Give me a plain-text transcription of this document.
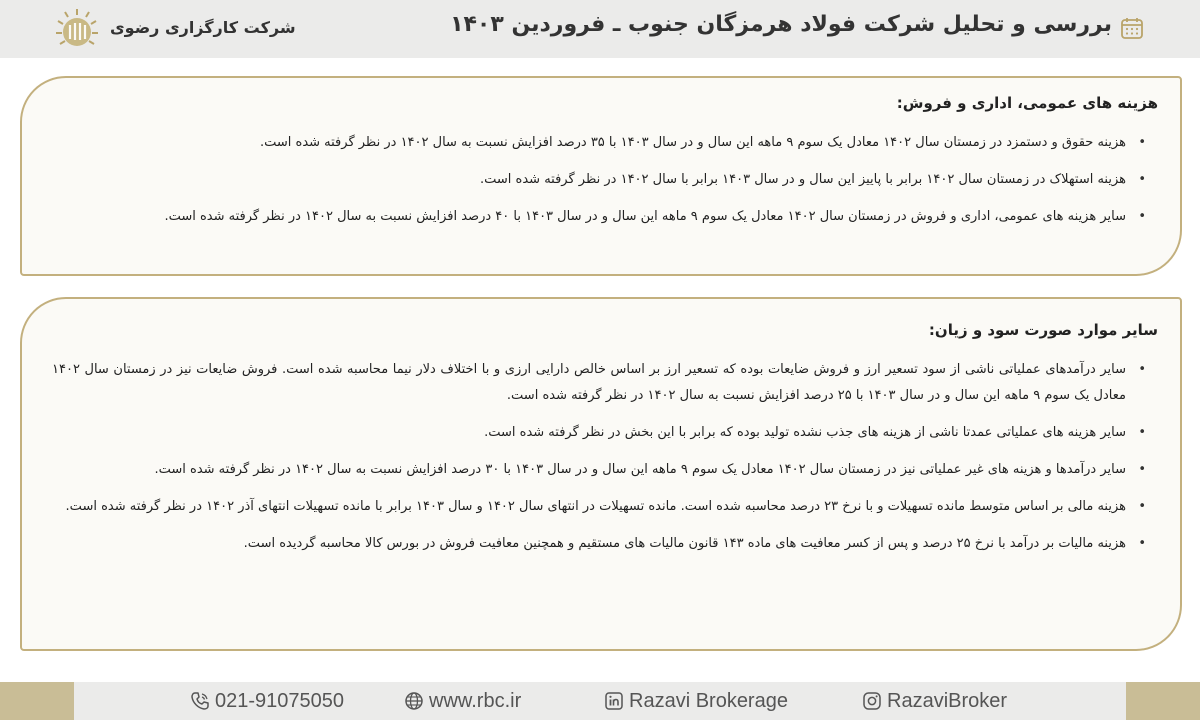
بررسی و تحلیل شرکت فولاد هرمزگان جنوب ـ فروردین ۱۴۰۳
شرکت کارگزاری رضوی
هزینه های عمومی، اداری و فروش:
• هزینه حقوق و دستمزد در زمستان سال ۱۴۰۲ معادل یک سوم ۹ ماهه این سال و در سال ۱۴۰۳ با ۳۵ درصد افزایش نسبت به سال ۱۴۰۲ در نظر گرفته شده است.
• هزینه استهلاک در زمستان سال ۱۴۰۲ برابر با پاییز این سال و در سال ۱۴۰۳ برابر با سال ۱۴۰۲ در نظر گرفته شده است.
• سایر هزینه های عمومی، اداری و فروش در زمستان سال ۱۴۰۲ معادل یک سوم ۹ ماهه این سال و در سال ۱۴۰۳ با ۴۰ درصد افزایش نسبت به سال ۱۴۰۲ در نظر گرفته شده است.
سایر موارد صورت سود و زیان:
• سایر درآمدهای عملیاتی ناشی از سود تسعیر ارز و فروش ضایعات بوده که تسعیر ارز بر اساس خالص دارایی ارزی و با اختلاف دلار نیما محاسبه شده است. فروش ضایعات نیز در زمستان سال ۱۴۰۲ معادل یک سوم ۹ ماهه این سال و در سال ۱۴۰۳ با ۲۵ درصد افزایش نسبت به سال ۱۴۰۲ در نظر گرفته شده است.
• سایر هزینه های عملیاتی عمدتا ناشی از هزینه های جذب نشده تولید بوده که برابر با این بخش در نظر گرفته شده است.
• سایر درآمدها و هزینه های غیر عملیاتی نیز در زمستان سال ۱۴۰۲ معادل یک سوم ۹ ماهه این سال و در سال ۱۴۰۳ با ۳۰ درصد افزایش نسبت به سال ۱۴۰۲ در نظر گرفته شده است.
• هزینه مالی بر اساس متوسط مانده تسهیلات و با نرخ ۲۳ درصد محاسبه شده است. مانده تسهیلات در انتهای سال ۱۴۰۲ و سال ۱۴۰۳ برابر با مانده تسهیلات انتهای آذر ۱۴۰۲ در نظر گرفته شده است.
• هزینه مالیات بر درآمد با نرخ ۲۵ درصد و پس از کسر معافیت های ماده ۱۴۳ قانون مالیات های مستقیم و همچنین معافیت فروش در بورس کالا محاسبه گردیده است.
021-91075050	www.rbc.ir	Razavi Brokerage	RazaviBroker
